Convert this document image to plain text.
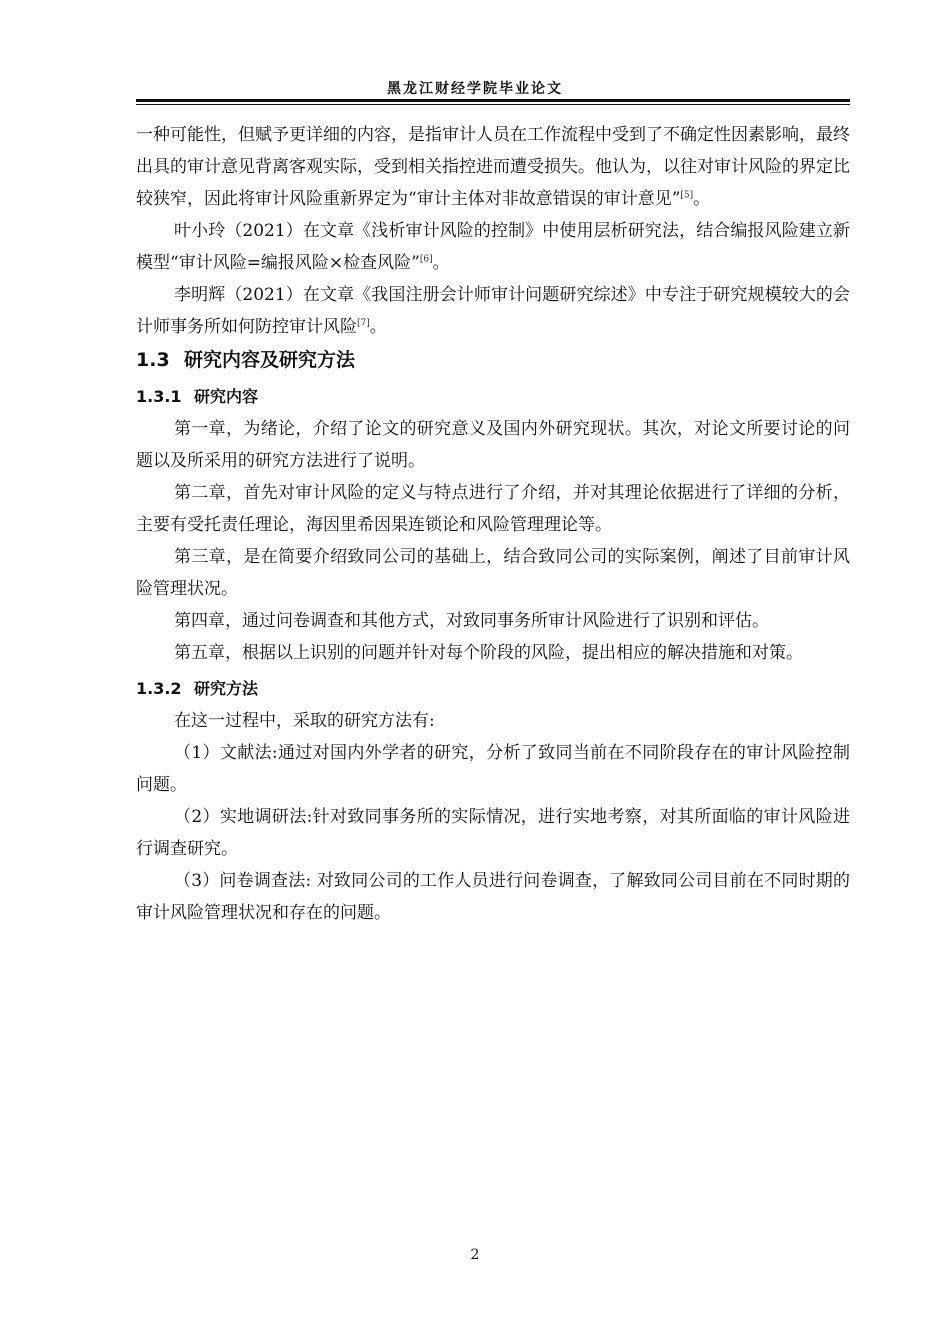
黑龙江财经学院毕业论文

一种可能性，但赋予更详细的内容，是指审计人员在工作流程中受到了不确定性因素影响，最终出具的审计意见背离客观实际，受到相关指控进而遭受损失。他认为，以往对审计风险的界定比较狭窄，因此将审计风险重新界定为“审计主体对非故意错误的审计意见”[5]。

叶小玲（2021）在文章《浅析审计风险的控制》中使用层析研究法，结合编报风险建立新模型“审计风险=编报风险×检查风险”[6]。

李明辉（2021）在文章《我国注册会计师审计问题研究综述》中专注于研究规模较大的会计师事务所如何防控审计风险[7]。

1.3 研究内容及研究方法
1.3.1 研究内容

第一章，为绪论，介绍了论文的研究意义及国内外研究现状。其次，对论文所要讨论的问题以及所采用的研究方法进行了说明。

第二章，首先对审计风险的定义与特点进行了介绍，并对其理论依据进行了详细的分析，主要有受托责任理论，海因里希因果连锁论和风险管理理论等。

第三章，是在简要介绍致同公司的基础上，结合致同公司的实际案例，阐述了目前审计风险管理状况。

第四章，通过问卷调查和其他方式，对致同事务所审计风险进行了识别和评估。

第五章，根据以上识别的问题并针对每个阶段的风险，提出相应的解决措施和对策。

1.3.2 研究方法

在这一过程中，采取的研究方法有:

（1）文献法:通过对国内外学者的研究，分析了致同当前在不同阶段存在的审计风险控制问题。

（2）实地调研法:针对致同事务所的实际情况，进行实地考察，对其所面临的审计风险进行调查研究。

（3）问卷调查法: 对致同公司的工作人员进行问卷调查，了解致同公司目前在不同时期的审计风险管理状况和存在的问题。

2
